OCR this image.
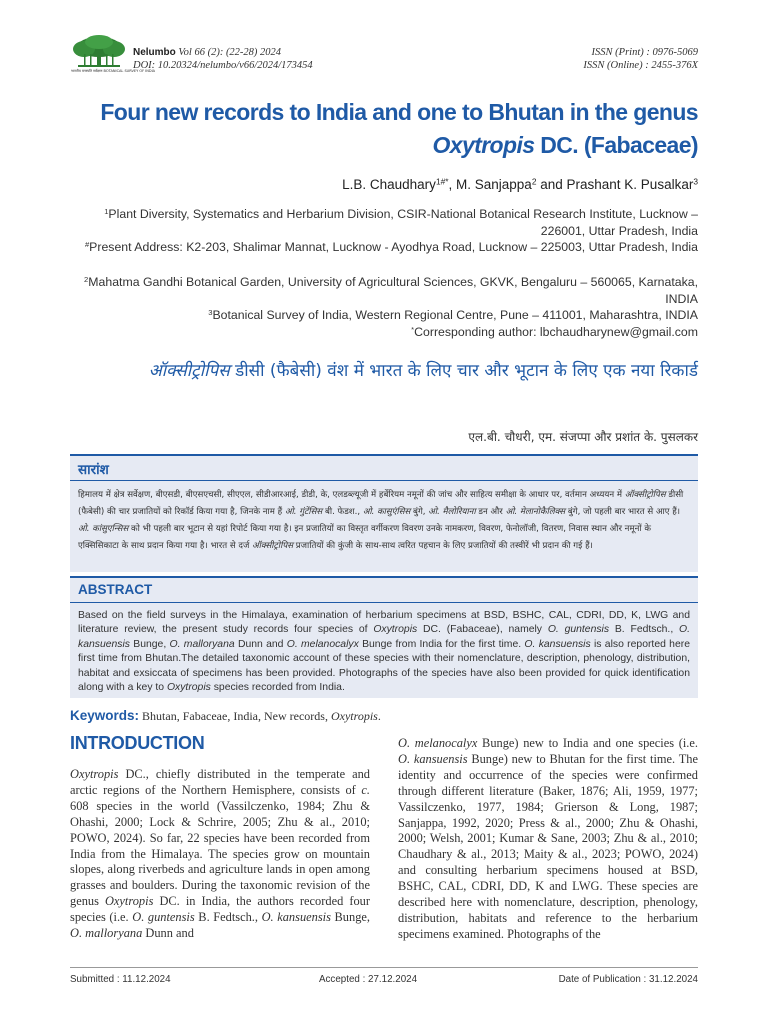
भारतीय वनस्पति सर्वेक्षण BOTANICAL SURVEY OF INDIA
Nelumbo Vol 66 (2): (22-28) 2024
DOI: 10.20324/nelumbo/v66/2024/173454
ISSN (Print) : 0976-5069
ISSN (Online) : 2455-376X
Four new records to India and one to Bhutan in the genus
Oxytropis DC. (Fabaceae)
L.B. Chaudhary$^{1\#*}$, M. Sanjappa$^2$ and Prashant K. Pusalkar$^3$
$^1$Plant Diversity, Systematics and Herbarium Division, CSIR-National Botanical Research Institute, Lucknow – 226001, Uttar Pradesh, India
#Present Address: K2-203, Shalimar Mannat, Lucknow - Ayodhya Road, Lucknow – 225003, Uttar Pradesh, India
$^2$Mahatma Gandhi Botanical Garden, University of Agricultural Sciences, GKVK, Bengaluru – 560065, Karnataka, INDIA
$^3$Botanical Survey of India, Western Regional Centre, Pune – 411001, Maharashtra, INDIA
*Corresponding author: lbchaudharynew@gmail.com
ऑक्सीट्रोपिस डीसी (फैबेसी) वंश में भारत के लिए चार और भूटान के लिए एक नया रिकार्ड
एल.बी. चौधरी, एम. संजप्पा और प्रशांत के. पुसलकर
सारांश
हिमालय में क्षेत्र सर्वेक्षण, बीएसडी, बीएसएचसी, सीएएल, सीडीआरआई, डीडी, के, एलडब्ल्यूजी में हर्बेरियम नमूनों की जांच और साहित्य समीक्षा के आधार पर, वर्तमान अध्ययन में ऑक्सीट्रोपिस डीसी (फैबेसी) की चार प्रजातियों को रिकॉर्ड किया गया है, जिनके नाम हैं ओ. गुंटेंसिस बी. फेडश., ओ. कासुएंसिस बुंगे, ओ. मैलोरियाना डन और ओ. मेलानोकैलिक्स बुंगे, जो पहली बार भारत से आए हैं। ओ. कांसुएन्सिस को भी पहली बार भूटान से यहां रिपोर्ट किया गया है। इन प्रजातियों का विस्तृत वर्गीकरण विवरण उनके नामकरण, विवरण, फेनोलॉजी, वितरण, निवास स्थान और नमूनों के एक्सिसिकाटा के साथ प्रदान किया गया है। भारत से दर्ज ऑक्सीट्रोपिस प्रजातियों की कुंजी के साथ-साथ त्वरित पहचान के लिए प्रजातियों की तस्वीरें भी प्रदान की गई हैं।
ABSTRACT
Based on the field surveys in the Himalaya, examination of herbarium specimens at BSD, BSHC, CAL, CDRI, DD, K, LWG and literature review, the present study records four species of Oxytropis DC. (Fabaceae), namely O. guntensis B. Fedtsch., O. kansuensis Bunge, O. malloryana Dunn and O. melanocalyx Bunge from India for the first time. O. kansuensis is also reported here first time from Bhutan.The detailed taxonomic account of these species with their nomenclature, description, phenology, distribution, habitat and exsiccata of specimens has been provided. Photographs of the species have also been provided for quick identification along with a key to Oxytropis species recorded from India.
Keywords: Bhutan, Fabaceae, India, New records, Oxytropis.
INTRODUCTION
Oxytropis DC., chiefly distributed in the temperate and arctic regions of the Northern Hemisphere, consists of c. 608 species in the world (Vassilczenko, 1984; Zhu & Ohashi, 2000; Lock & Schrire, 2005; Zhu & al., 2010; POWO, 2024). So far, 22 species have been recorded from India from the Himalaya. The species grow on mountain slopes, along riverbeds and agriculture lands in open among grasses and boulders. During the taxonomic revision of the genus Oxytropis DC. in India, the authors recorded four species (i.e. O. guntensis B. Fedtsch., O. kansuensis Bunge, O. malloryana Dunn and
O. melanocalyx Bunge) new to India and one species (i.e. O. kansuensis Bunge) new to Bhutan for the first time. The identity and occurrence of the species were confirmed through different literature (Baker, 1876; Ali, 1959, 1977; Vassilczenko, 1977, 1984; Grierson & Long, 1987; Sanjappa, 1992, 2020; Press & al., 2000; Zhu & Ohashi, 2000; Welsh, 2001; Kumar & Sane, 2003; Zhu & al., 2010; Chaudhary & al., 2013; Maity & al., 2023; POWO, 2024) and consulting herbarium specimens housed at BSD, BSHC, CAL, CDRI, DD, K and LWG. These species are described here with nomenclature, description, phenology, distribution, habitats and reference to the herbarium specimens examined. Photographs of the
Submitted : 11.12.2024	Accepted : 27.12.2024	Date of Publication : 31.12.2024
